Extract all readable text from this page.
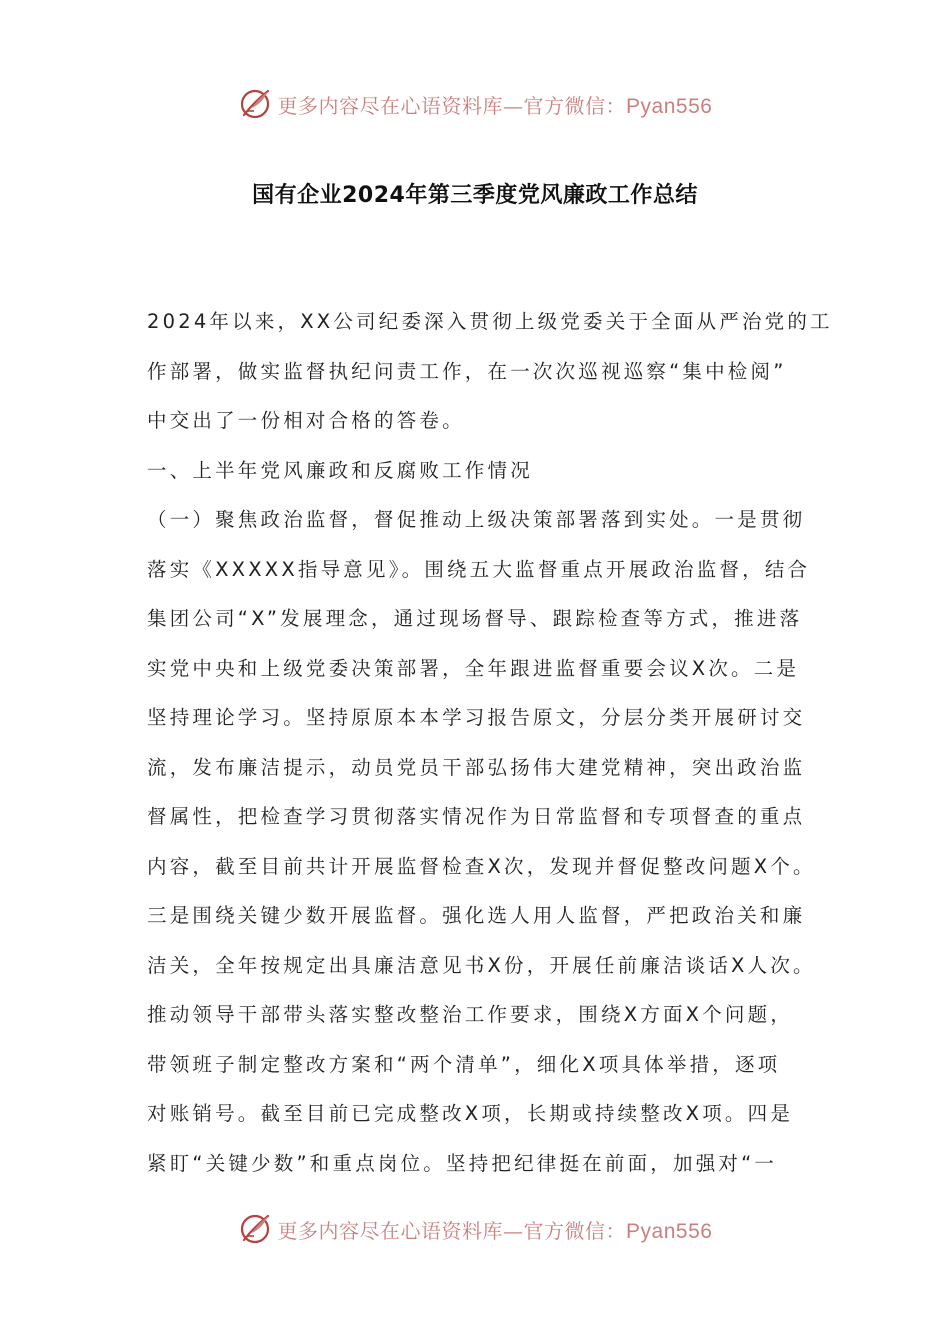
更多内容尽在心语资料库—官方微信：Pyan556
国有企业2024年第三季度党风廉政工作总结
2024年以来，XX公司纪委深入贯彻上级党委关于全面从严治党的工
作部署，做实监督执纪问责工作，在一次次巡视巡察“集中检阅”
中交出了一份相对合格的答卷。
一、上半年党风廉政和反腐败工作情况
（一）聚焦政治监督，督促推动上级决策部署落到实处。一是贯彻
落实《XXXXX指导意见》。围绕五大监督重点开展政治监督，结合
集团公司“X”发展理念，通过现场督导、跟踪检查等方式，推进落
实党中央和上级党委决策部署，全年跟进监督重要会议X次。二是
坚持理论学习。坚持原原本本学习报告原文，分层分类开展研讨交
流，发布廉洁提示，动员党员干部弘扬伟大建党精神，突出政治监
督属性，把检查学习贯彻落实情况作为日常监督和专项督查的重点
内容，截至目前共计开展监督检查X次，发现并督促整改问题X个。
三是围绕关键少数开展监督。强化选人用人监督，严把政治关和廉
洁关，全年按规定出具廉洁意见书X份，开展任前廉洁谈话X人次。
推动领导干部带头落实整改整治工作要求，围绕X方面X个问题，
带领班子制定整改方案和“两个清单”，细化X项具体举措，逐项
对账销号。截至目前已完成整改X项，长期或持续整改X项。四是
紧盯“关键少数”和重点岗位。坚持把纪律挺在前面，加强对“一
更多内容尽在心语资料库—官方微信：Pyan556
